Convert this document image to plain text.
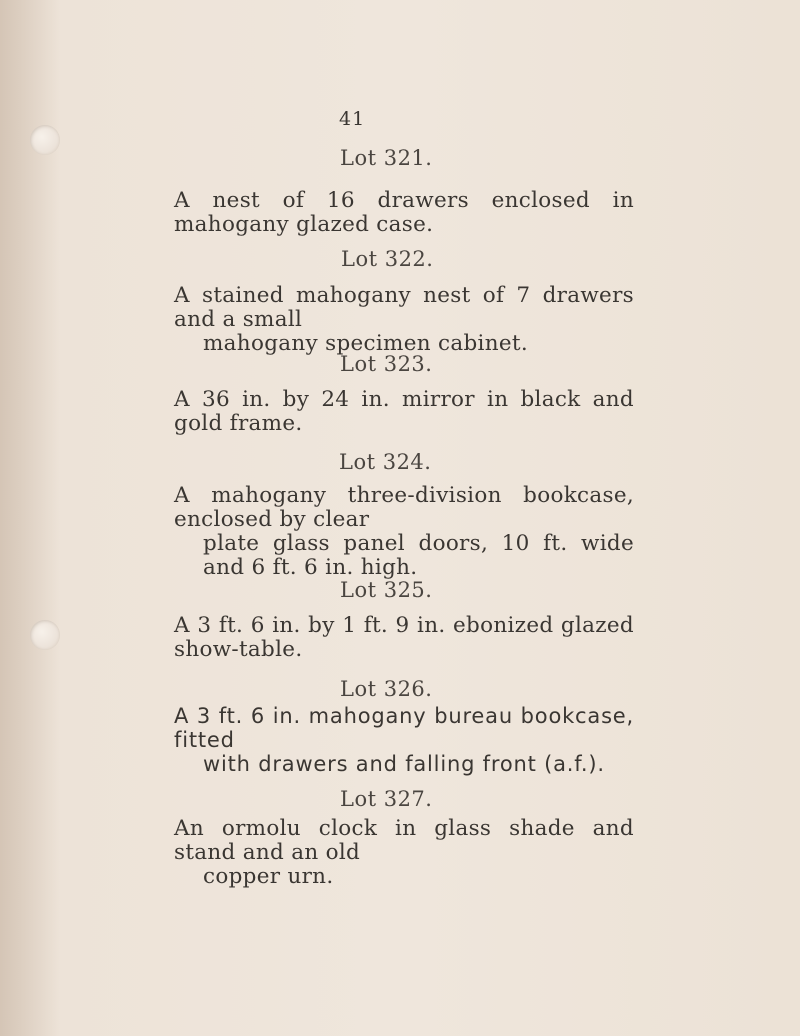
41
Lot 321.
A nest of 16 drawers enclosed in mahogany glazed case.
Lot 322.
A stained mahogany nest of 7 drawers and a small
mahogany specimen cabinet.
Lot 323.
A 36 in. by 24 in. mirror in black and gold frame.
Lot 324.
A mahogany three-division bookcase, enclosed by clear
plate glass panel doors, 10 ft. wide and 6 ft. 6 in. high.
Lot 325.
A 3 ft. 6 in. by 1 ft. 9 in. ebonized glazed show-table.
Lot 326.
A 3 ft. 6 in. mahogany bureau bookcase, fitted
with drawers and falling front (a.f.).
Lot 327.
An ormolu clock in glass shade and stand and an old
copper urn.
